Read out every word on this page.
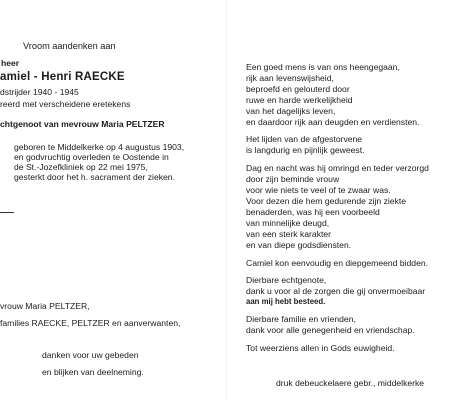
Vroom aandenken aan
heer
amiel - Henri RAECKE
dstrijder 1940 - 1945
reerd met verscheidene eretekens
chtgenoot van mevrouw Maria PELTZER
geboren te Middelkerke op 4 augustus 1903,
en godvruchtig overleden te Oostende in
de St.-Jozefkliniek op 22 mei 1975,
gesterkt door het h. sacrament der zieken.
vrouw Maria PELTZER,
families RAECKE, PELTZER en aanverwanten,
danken voor uw gebeden
en blijken van deelneming.
Een goed mens is van ons heengegaan,
rijk aan levenswijsheid,
beproefd en gelouterd door
ruwe en harde werkelijkheid
van het dagelijks leven,
en daardoor rijk aan deugden en verdiensten.
Het lijden van de afgestorvene
is langdurig en pijnlijk geweest.
Dag en nacht was hij omringd en teder verzorgd
door zijn beminde vrouw
voor wie niets te veel of te zwaar was.
Voor dezen die hem gedurende zijn ziekte
benaderden, was hij een voorbeeld
van minnelijke deugd,
van een sterk karakter
en van diepe godsdiensten.
Camiel kon eenvoudig en diepgemeend bidden.
Dierbare echtgenote,
dank u voor al de zorgen die gij onvermoeibaar
aan mij hebt besteed.
Dierbare familie en vrienden,
dank voor alle genegenheid en vriendschap.
Tot weerziens allen in Gods euwigheid.
druk debeuckelaere gebr., middelkerke
